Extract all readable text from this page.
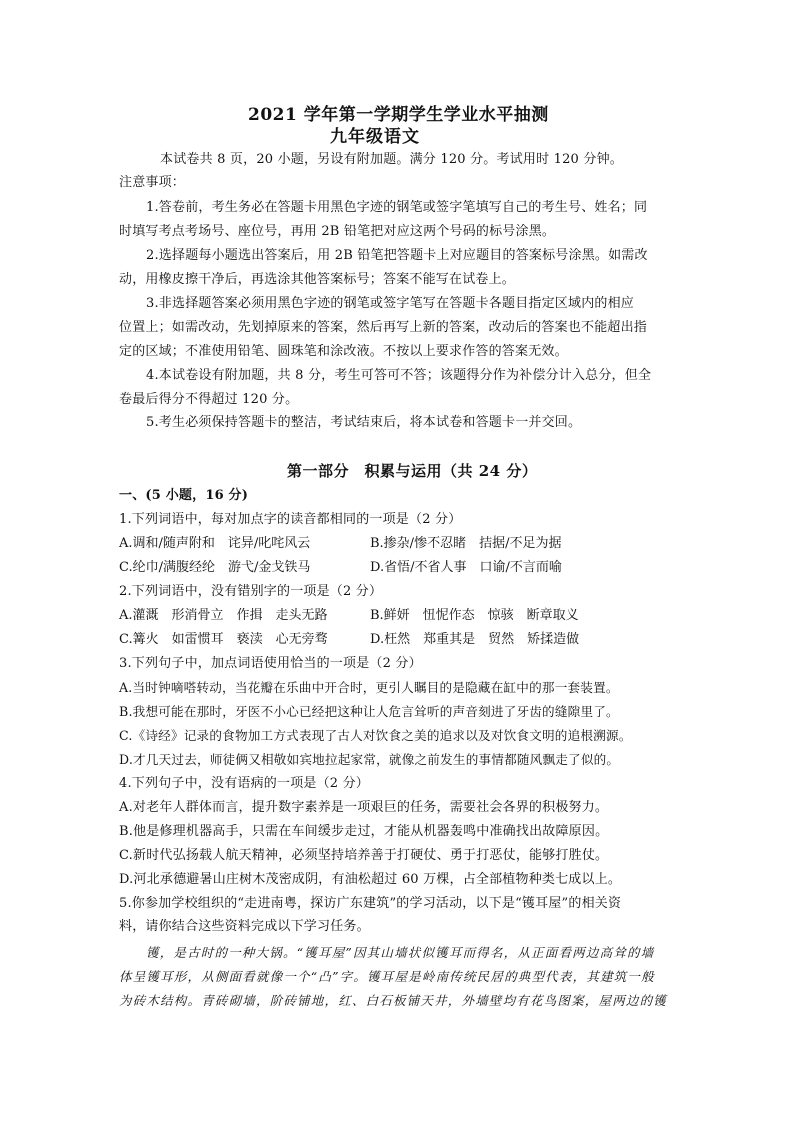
2021 学年第一学期学生学业水平抽测
九年级语文
本试卷共 8 页，20 小题，另设有附加题。满分 120 分。考试用时 120 分钟。
注意事项：
1.答卷前，考生务必在答题卡用黑色字迹的钢笔或签字笔填写自己的考生号、姓名；同
时填写考点考场号、座位号，再用 2B 铅笔把对应这两个号码的标号涂黑。
2.选择题每小题选出答案后，用 2B 铅笔把答题卡上对应题目的答案标号涂黑。如需改
动，用橡皮擦干净后，再选涂其他答案标号；答案不能写在试卷上。
3.非选择题答案必须用黑色字迹的钢笔或签字笔写在答题卡各题目指定区域内的相应
位置上；如需改动，先划掉原来的答案，然后再写上新的答案，改动后的答案也不能超出指
定的区域；不准使用铅笔、圆珠笔和涂改液。不按以上要求作答的答案无效。
4.本试卷设有附加题，共 8 分，考生可答可不答；该题得分作为补偿分计入总分，但全
卷最后得分不得超过 120 分。
5.考生必须保持答题卡的整洁，考试结束后，将本试卷和答题卡一并交回。
第一部分　积累与运用（共 24 分）
一、(5 小题，16 分)
1.下列词语中，每对加点字的读音都相同的一项是（2 分）
A.调和/随声附和　诧异/叱咤风云	B.掺杂/惨不忍睹　拮据/不足为据
C.纶巾/满腹经纶　游弋/金戈铁马	D.省悟/不省人事　口谕/不言而喻
2.下列词语中，没有错别字的一项是（2 分）
A.灌溉　形消骨立　作揖　走头无路	B.鲜妍　忸怩作态　惊骇　断章取义
C.篝火　如雷惯耳　亵渎　心无旁骛	D.枉然　郑重其是　贸然　矫揉造做
3.下列句子中，加点词语使用恰当的一项是（2 分）
A.当时钟嘀嗒转动，当花瓣在乐曲中开合时，更引人瞩目的是隐藏在缸中的那一套装置。
B.我想可能在那时，牙医不小心已经把这种让人危言耸听的声音刻进了牙齿的缝隙里了。
C.《诗经》记录的食物加工方式表现了古人对饮食之美的追求以及对饮食文明的追根溯源。
D.才几天过去，师徒俩又相敬如宾地拉起家常，就像之前发生的事情都随风飘走了似的。
4.下列句子中，没有语病的一项是（2 分）
A.对老年人群体而言，提升数字素养是一项艰巨的任务，需要社会各界的积极努力。
B.他是修理机器高手，只需在车间缓步走过，才能从机器轰鸣中准确找出故障原因。
C.新时代弘扬载人航天精神，必须坚持培养善于打硬仗、勇于打恶仗，能够打胜仗。
D.河北承德避暑山庄树木茂密成阴，有油松超过 60 万棵，占全部植物种类七成以上。
5.你参加学校组织的“走进南粤，探访广东建筑”的学习活动，以下是“镬耳屋”的相关资
料，请你结合这些资料完成以下学习任务。
镬，是古时的一种大锅。“镬耳屋”因其山墙状似镬耳而得名，从正面看两边高耸的墙
体呈镬耳形，从侧面看就像一个“凸”字。镬耳屋是岭南传统民居的典型代表，其建筑一般
为砖木结构。青砖砌墙，阶砖铺地，红、白石板铺天井，外墙壁均有花鸟图案，屋两边的镬
